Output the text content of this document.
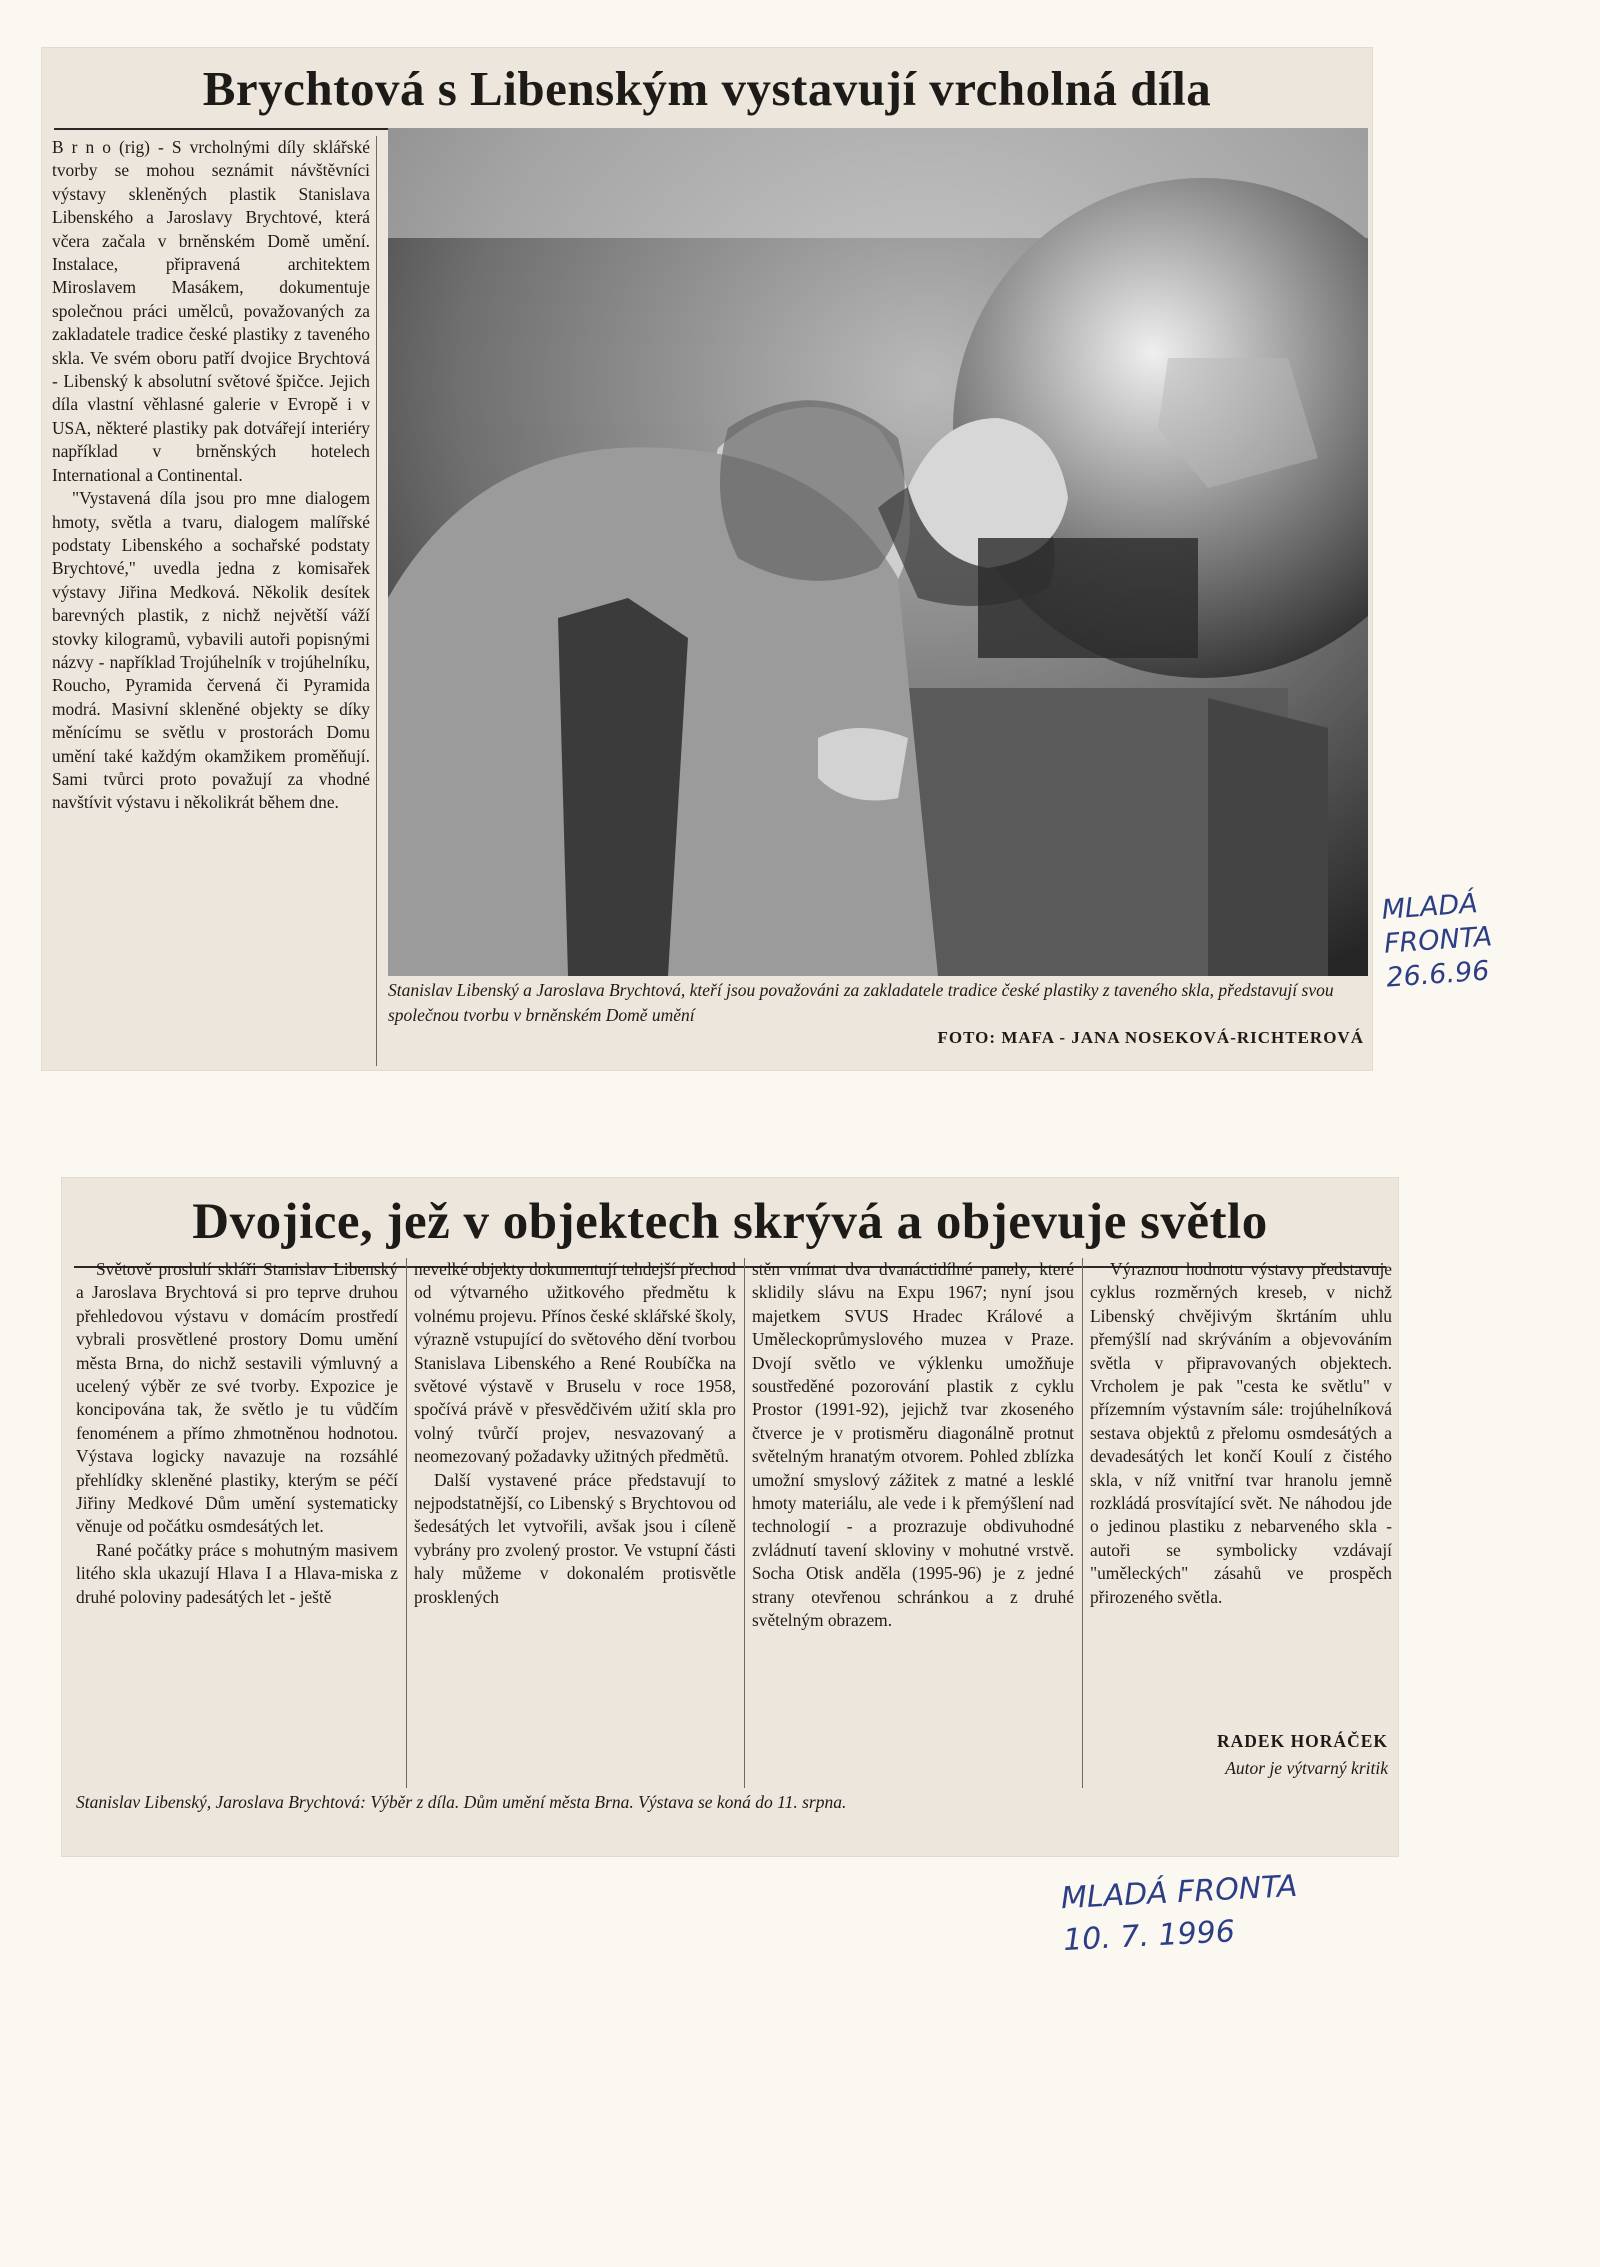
Brychtová s Libenským vystavují vrcholná díla

B r n o (rig) - S vrcholnými díly sklářské tvorby se mohou seznámit návštěvníci výstavy skleněných plastik Stanislava Libenského a Jaroslavy Brychtové, která včera začala v brněnském Domě umění. Instalace, připravená architektem Miroslavem Masákem, dokumentuje společnou práci umělců, považovaných za zakladatele tradice české plastiky z taveného skla. Ve svém oboru patří dvojice Brychtová - Libenský k absolutní světové špičce. Jejich díla vlastní věhlasné galerie v Evropě i v USA, některé plastiky pak dotvářejí interiéry například v brněnských hotelech International a Continental.

"Vystavená díla jsou pro mne dialogem hmoty, světla a tvaru, dialogem malířské podstaty Libenského a sochařské podstaty Brychtové," uvedla jedna z komisařek výstavy Jiřina Medková. Několik desítek barevných plastik, z nichž největší váží stovky kilogramů, vybavili autoři popisnými názvy - například Trojúhelník v trojúhelníku, Roucho, Pyramida červená či Pyramida modrá. Masivní skleněné objekty se díky měnícímu se světlu v prostorách Domu umění také každým okamžikem proměňují. Sami tvůrci proto považují za vhodné navštívit výstavu i několikrát během dne.

Stanislav Libenský a Jaroslava Brychtová, kteří jsou považováni za zakladatele tradice české plastiky z taveného skla, představují svou společnou tvorbu v brněnském Domě umění
FOTO: MAFA - JANA NOSEKOVÁ-RICHTEROVÁ
MLADÁ
FRONTA
26.6.96
Dvojice, jež v objektech skrývá a objevuje světlo

Světově proslulí skláři Stanislav Libenský a Jaroslava Brychtová si pro teprve druhou přehledovou výstavu v domácím prostředí vybrali prosvětlené prostory Domu umění města Brna, do nichž sestavili výmluvný a ucelený výběr ze své tvorby. Expozice je koncipována tak, že světlo je tu vůdčím fenoménem a přímo zhmotněnou hodnotou. Výstava logicky navazuje na rozsáhlé přehlídky skleněné plastiky, kterým se péčí Jiřiny Medkové Dům umění systematicky věnuje od počátku osmdesátých let.

Rané počátky práce s mohutným masivem litého skla ukazují Hlava I a Hlava-miska z druhé poloviny padesátých let - ještě

nevelké objekty dokumentují tehdejší přechod od výtvarného užitkového předmětu k volnému projevu. Přínos české sklářské školy, výrazně vstupující do světového dění tvorbou Stanislava Libenského a René Roubíčka na světové výstavě v Bruselu v roce 1958, spočívá právě v přesvědčivém užití skla pro volný tvůrčí projev, nesvazovaný a neomezovaný požadavky užitných předmětů.

Další vystavené práce představují to nejpodstatnější, co Libenský s Brychtovou od šedesátých let vytvořili, avšak jsou i cíleně vybrány pro zvolený prostor. Ve vstupní části haly můžeme v dokonalém protisvětle prosklených

stěn vnímat dva dvanáctidílné panely, které sklidily slávu na Expu 1967; nyní jsou majetkem SVUS Hradec Králové a Uměleckoprůmyslového muzea v Praze. Dvojí světlo ve výklenku umožňuje soustředěné pozorování plastik z cyklu Prostor (1991-92), jejichž tvar zkoseného čtverce je v protisměru diagonálně protnut světelným hranatým otvorem. Pohled zblízka umožní smyslový zážitek z matné a lesklé hmoty materiálu, ale vede i k přemýšlení nad technologií - a prozrazuje obdivuhodné zvládnutí tavení skloviny v mohutné vrstvě. Socha Otisk anděla (1995-96) je z jedné strany otevřenou schránkou a z druhé světelným obrazem.

Výraznou hodnotu výstavy představuje cyklus rozměrných kreseb, v nichž Libenský chvějivým škrtáním uhlu přemýšlí nad skrýváním a objevováním světla v připravovaných objektech. Vrcholem je pak "cesta ke světlu" v přízemním výstavním sále: trojúhelníková sestava objektů z přelomu osmdesátých a devadesátých let končí Koulí z čistého skla, v níž vnitřní tvar hranolu jemně rozkládá prosvítající svět. Ne náhodou jde o jedinou plastiku z nebarveného skla - autoři se symbolicky vzdávají "uměleckých" zásahů ve prospěch přirozeného světla.

RADEK HORÁČEK
Autor je výtvarný kritik
Stanislav Libenský, Jaroslava Brychtová: Výběr z díla. Dům umění města Brna. Výstava se koná do 11. srpna.
MLADÁ FRONTA
10. 7. 1996
